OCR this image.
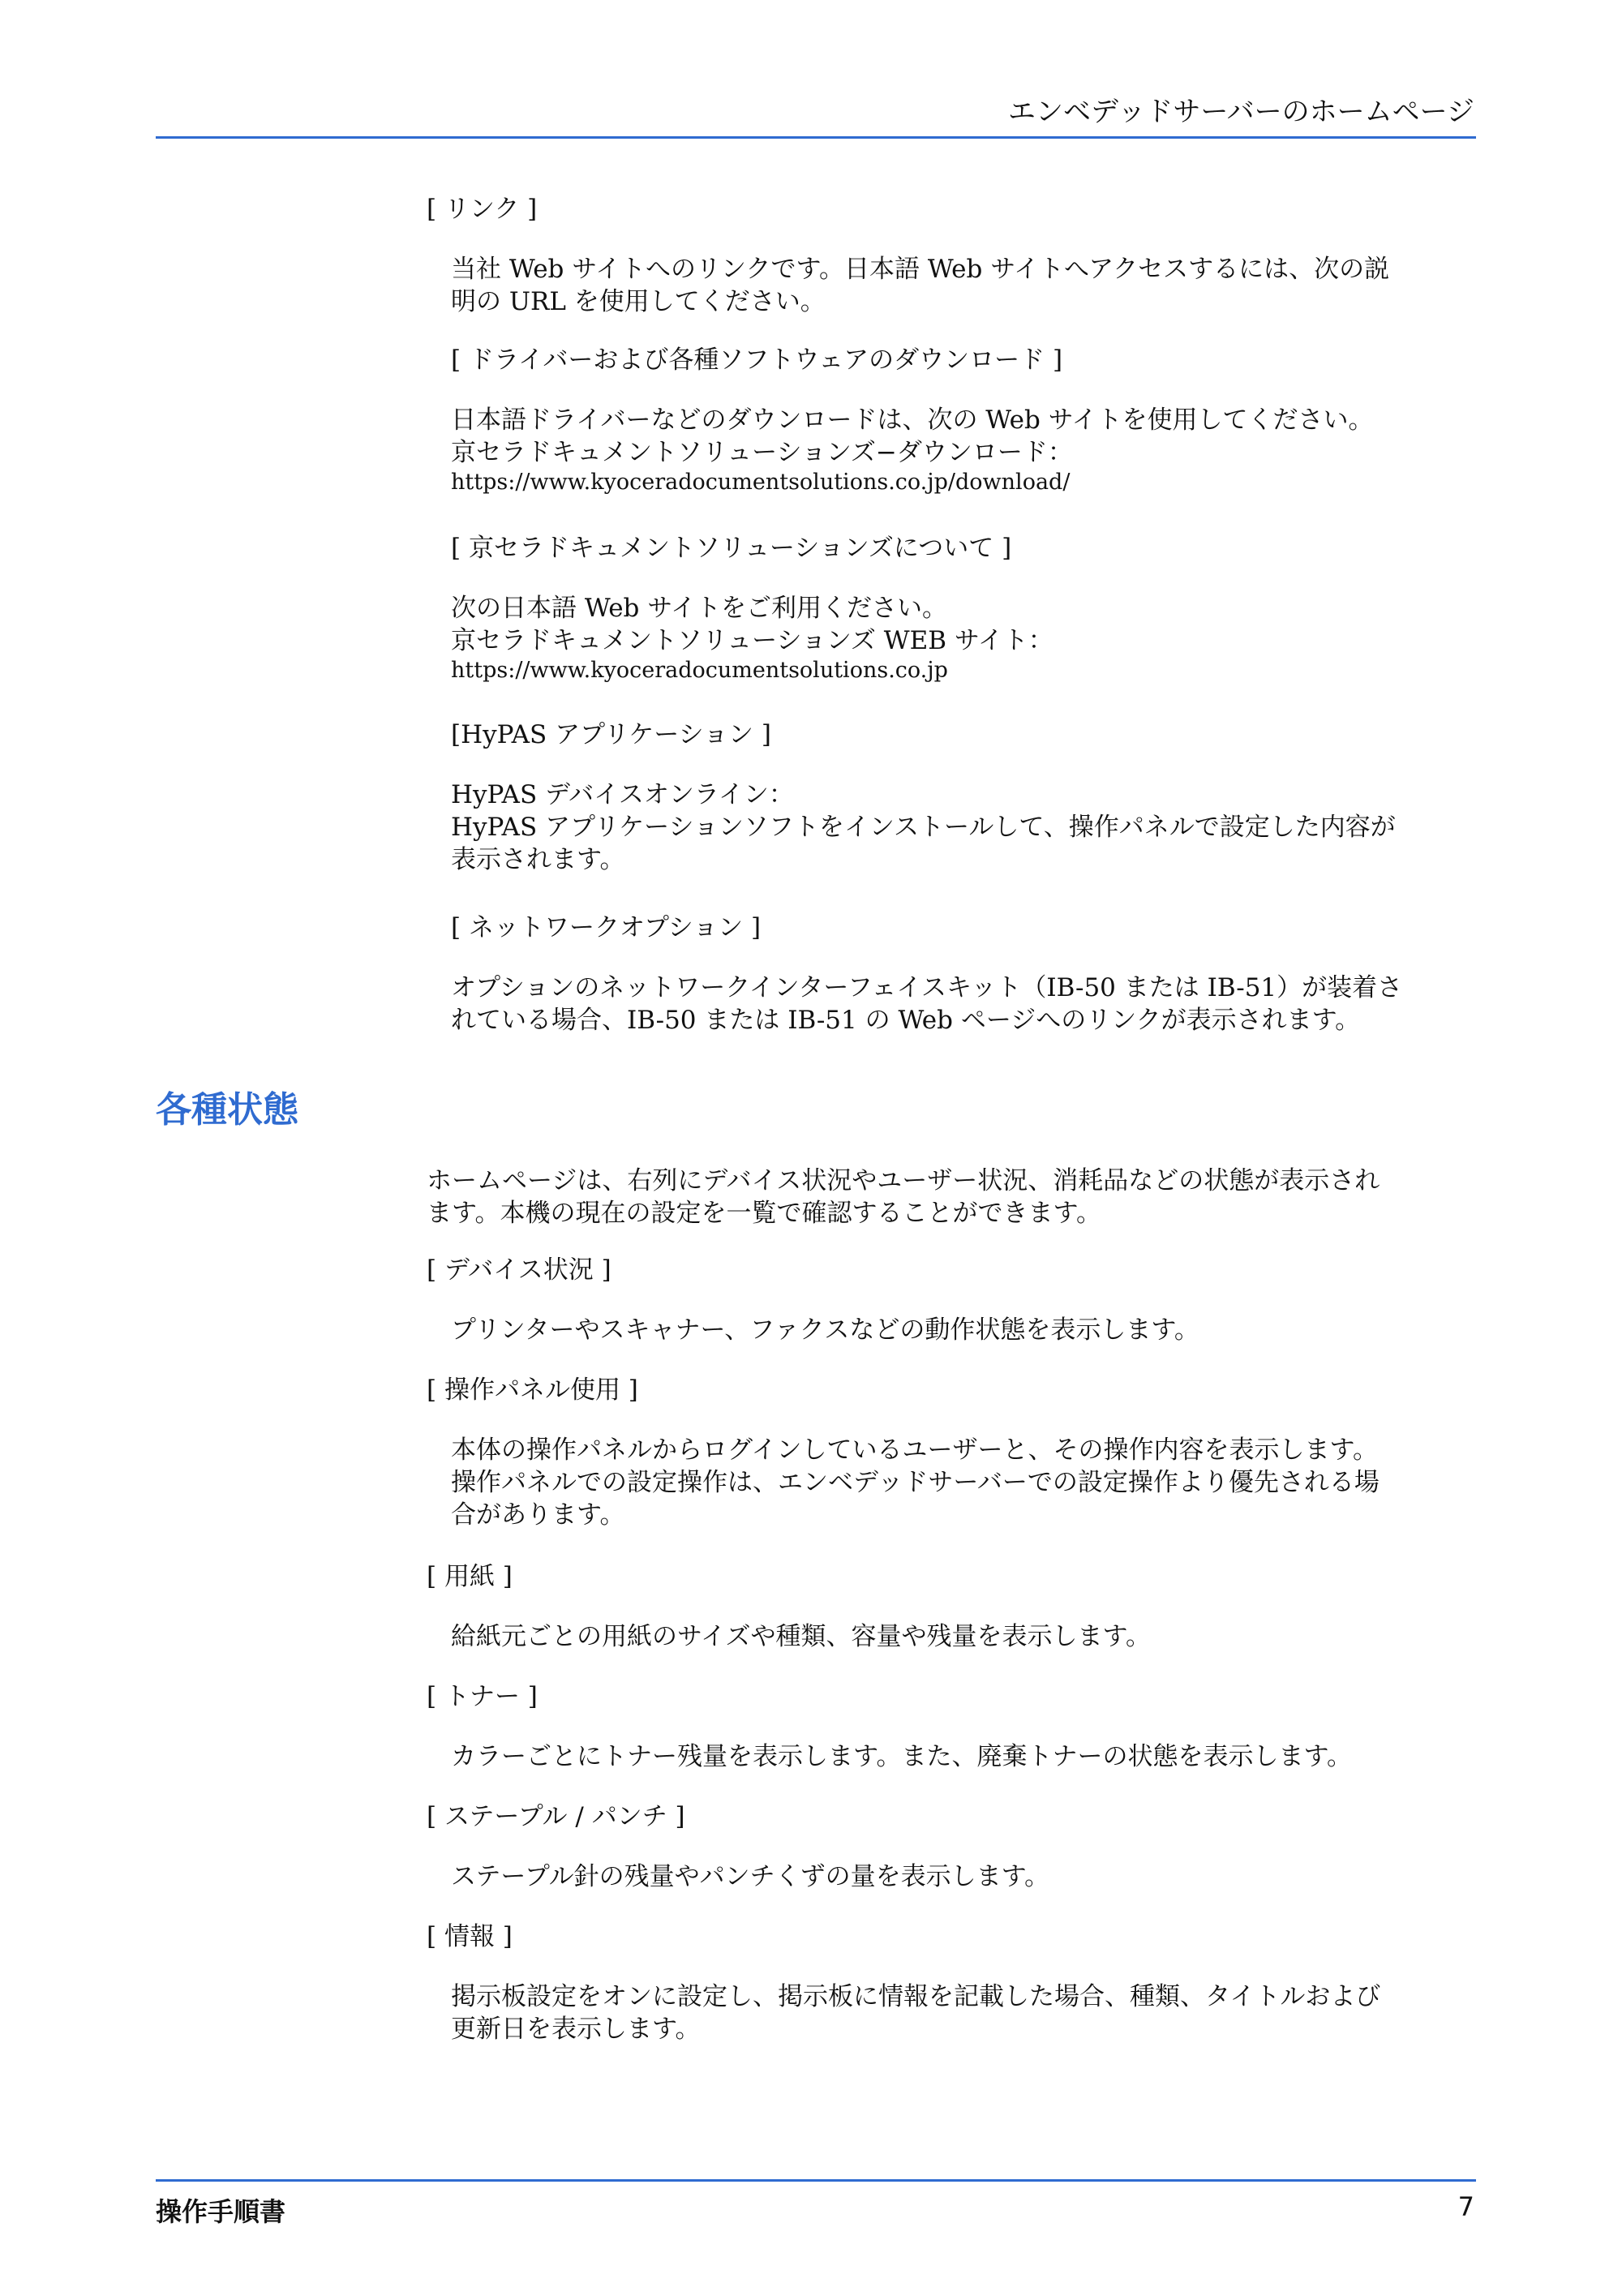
エンベデッドサーバーのホームページ
[ リンク ]
当社 Web サイトへのリンクです。日本語 Web サイトへアクセスするには、次の説
明の URL を使用してください。
[ ドライバーおよび各種ソフトウェアのダウンロード ]
日本語ドライバーなどのダウンロードは、次の Web サイトを使用してください。
京セラドキュメントソリューションズ−ダウンロード：
https://www.kyoceradocumentsolutions.co.jp/download/
[ 京セラドキュメントソリューションズについて ]
次の日本語 Web サイトをご利用ください。
京セラドキュメントソリューションズ WEB サイト：
https://www.kyoceradocumentsolutions.co.jp
[HyPAS アプリケーション ]
HyPAS デバイスオンライン：
HyPAS アプリケーションソフトをインストールして、操作パネルで設定した内容が
表示されます。
[ ネットワークオプション ]
オプションのネットワークインターフェイスキット（IB-50 または IB-51）が装着さ
れている場合、IB-50 または IB-51 の Web ページへのリンクが表示されます。
各種状態
ホームページは、右列にデバイス状況やユーザー状況、消耗品などの状態が表示され
ます。本機の現在の設定を一覧で確認することができます。
[ デバイス状況 ]
プリンターやスキャナー、ファクスなどの動作状態を表示します。
[ 操作パネル使用 ]
本体の操作パネルからログインしているユーザーと、その操作内容を表示します。
操作パネルでの設定操作は、エンベデッドサーバーでの設定操作より優先される場
合があります。
[ 用紙 ]
給紙元ごとの用紙のサイズや種類、容量や残量を表示します。
[ トナー ]
カラーごとにトナー残量を表示します。また、廃棄トナーの状態を表示します。
[ ステープル / パンチ ]
ステープル針の残量やパンチくずの量を表示します。
[ 情報 ]
掲示板設定をオンに設定し、掲示板に情報を記載した場合、種類、タイトルおよび
更新日を表示します。
操作手順書	7
